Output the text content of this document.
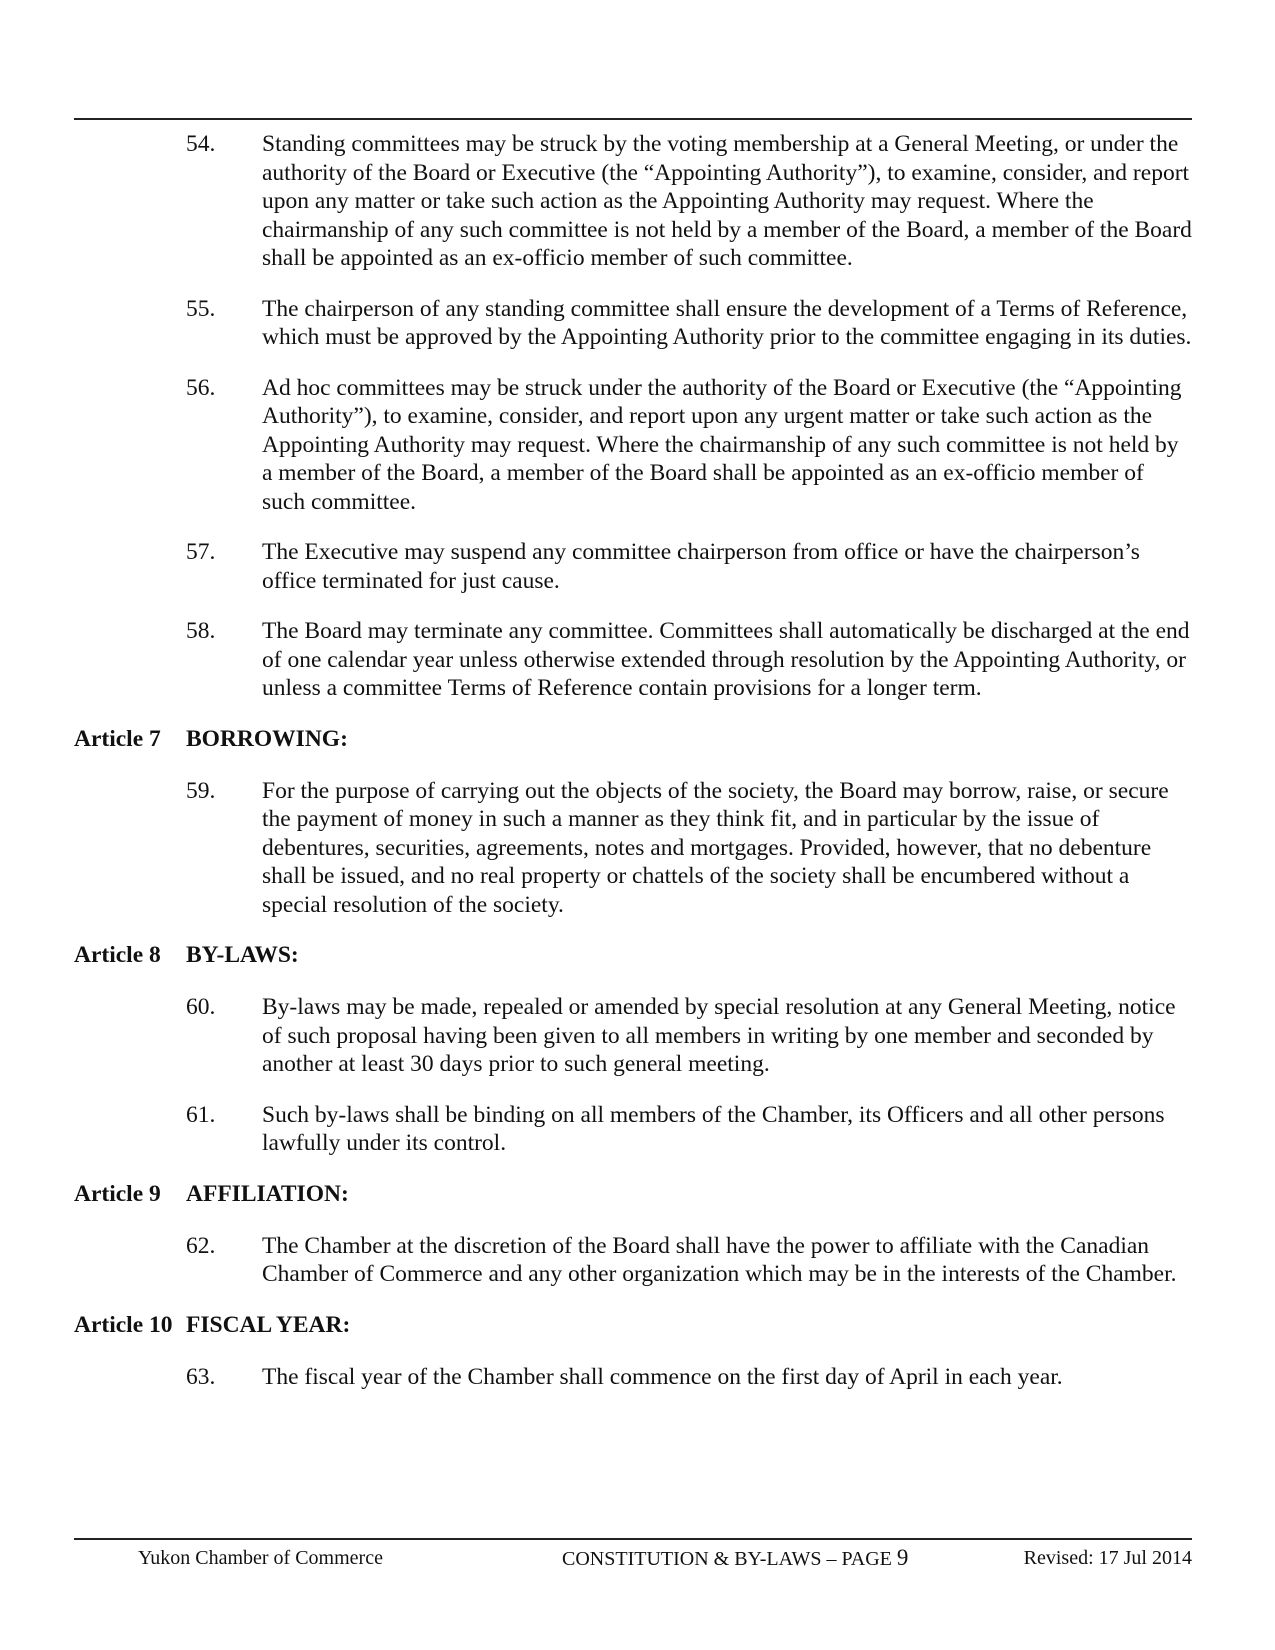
54. Standing committees may be struck by the voting membership at a General Meeting, or under the authority of the Board or Executive (the “Appointing Authority”), to examine, consider, and report upon any matter or take such action as the Appointing Authority may request. Where the chairmanship of any such committee is not held by a member of the Board, a member of the Board shall be appointed as an ex-officio member of such committee.
55. The chairperson of any standing committee shall ensure the development of a Terms of Reference, which must be approved by the Appointing Authority prior to the committee engaging in its duties.
56. Ad hoc committees may be struck under the authority of the Board or Executive (the “Appointing Authority”), to examine, consider, and report upon any urgent matter or take such action as the Appointing Authority may request. Where the chairmanship of any such committee is not held by a member of the Board, a member of the Board shall be appointed as an ex-officio member of such committee.
57. The Executive may suspend any committee chairperson from office or have the chairperson’s office terminated for just cause.
58. The Board may terminate any committee. Committees shall automatically be discharged at the end of one calendar year unless otherwise extended through resolution by the Appointing Authority, or unless a committee Terms of Reference contain provisions for a longer term.
Article 7 BORROWING:
59. For the purpose of carrying out the objects of the society, the Board may borrow, raise, or secure the payment of money in such a manner as they think fit, and in particular by the issue of debentures, securities, agreements, notes and mortgages. Provided, however, that no debenture shall be issued, and no real property or chattels of the society shall be encumbered without a special resolution of the society.
Article 8 BY-LAWS:
60. By-laws may be made, repealed or amended by special resolution at any General Meeting, notice of such proposal having been given to all members in writing by one member and seconded by another at least 30 days prior to such general meeting.
61. Such by-laws shall be binding on all members of the Chamber, its Officers and all other persons lawfully under its control.
Article 9 AFFILIATION:
62. The Chamber at the discretion of the Board shall have the power to affiliate with the Canadian Chamber of Commerce and any other organization which may be in the interests of the Chamber.
Article 10 FISCAL YEAR:
63. The fiscal year of the Chamber shall commence on the first day of April in each year.
Yukon Chamber of Commerce	CONSTITUTION & BY-LAWS – PAGE 9	Revised: 17 Jul 2014
